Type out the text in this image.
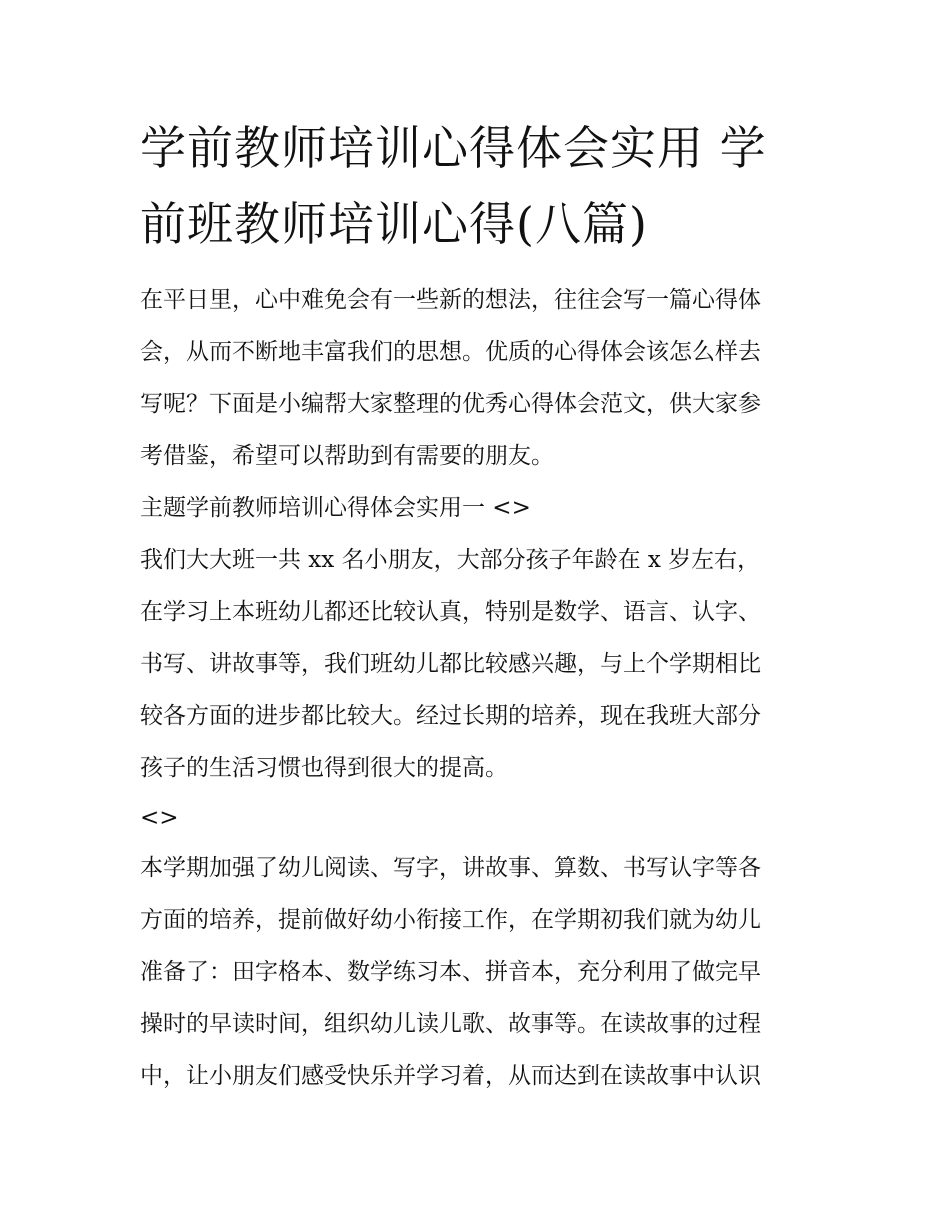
学前教师培训心得体会实用 学
前班教师培训心得(八篇)
在平日里，心中难免会有一些新的想法，往往会写一篇心得体
会，从而不断地丰富我们的思想。优质的心得体会该怎么样去
写呢？下面是小编帮大家整理的优秀心得体会范文，供大家参
考借鉴，希望可以帮助到有需要的朋友。
主题学前教师培训心得体会实用一 <>
我们大大班一共 xx 名小朋友，大部分孩子年龄在 x 岁左右，
在学习上本班幼儿都还比较认真，特别是数学、语言、认字、
书写、讲故事等，我们班幼儿都比较感兴趣，与上个学期相比
较各方面的进步都比较大。经过长期的培养，现在我班大部分
孩子的生活习惯也得到很大的提高。
<>
本学期加强了幼儿阅读、写字，讲故事、算数、书写认字等各
方面的培养，提前做好幼小衔接工作，在学期初我们就为幼儿
准备了：田字格本、数学练习本、拼音本，充分利用了做完早
操时的早读时间，组织幼儿读儿歌、故事等。在读故事的过程
中，让小朋友们感受快乐并学习着，从而达到在读故事中认识
